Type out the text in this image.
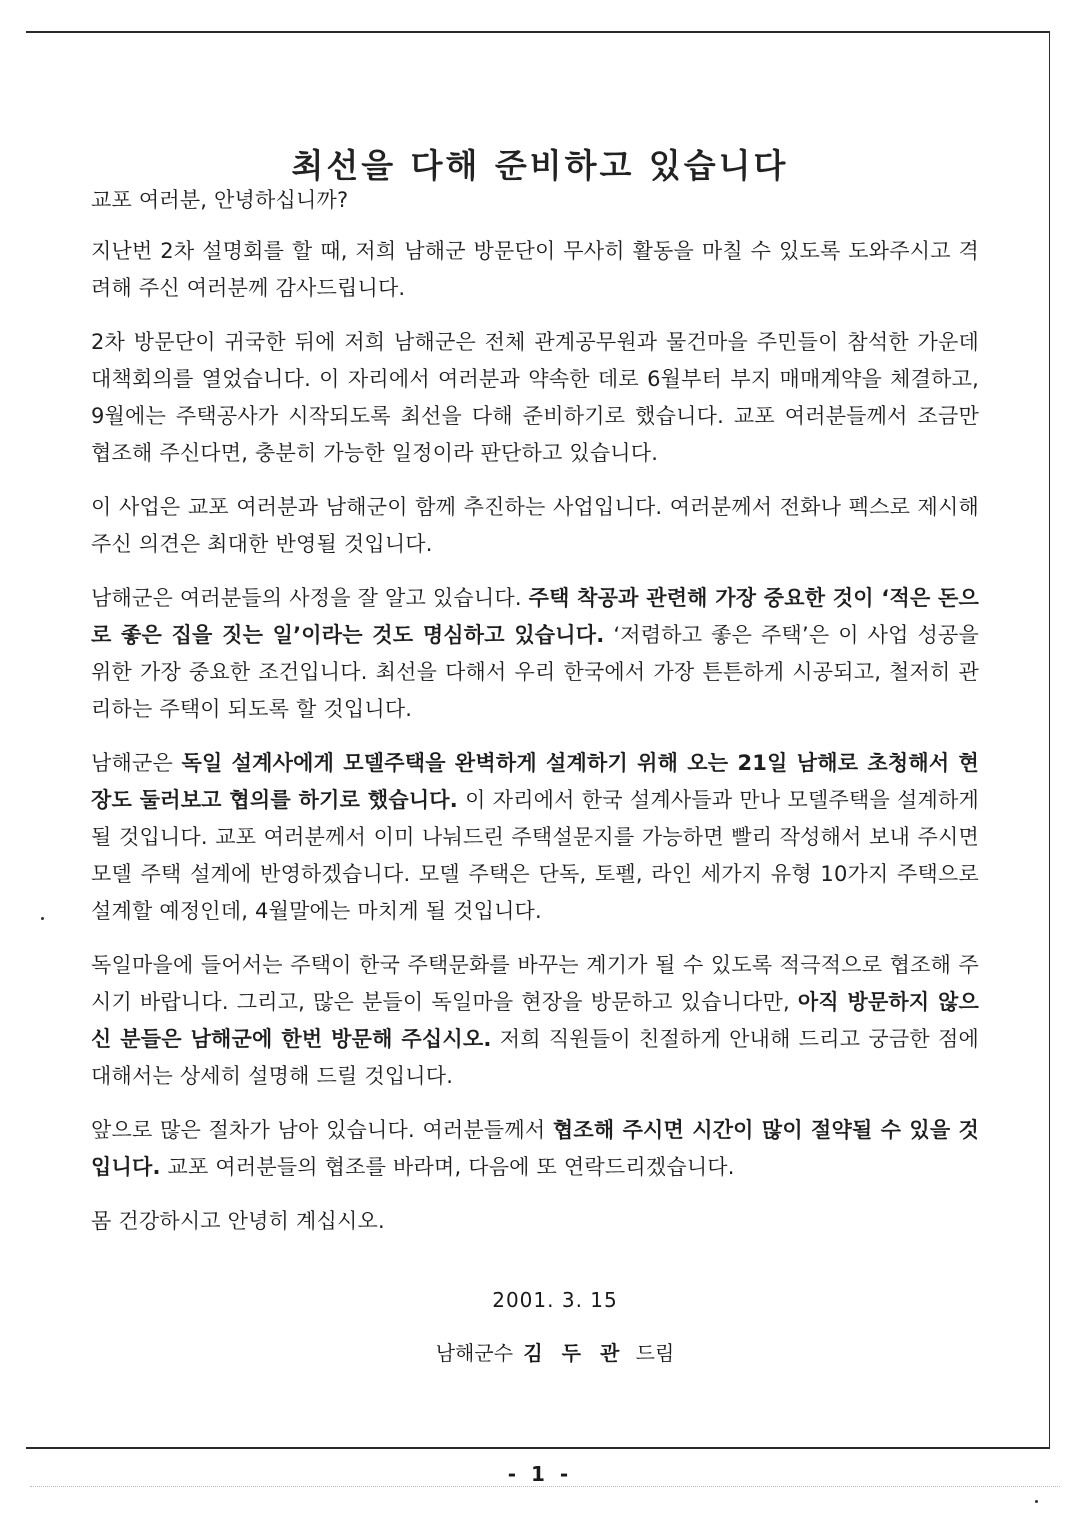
최선을 다해 준비하고 있습니다

교포 여러분, 안녕하십니까?

지난번 2차 설명회를 할 때, 저희 남해군 방문단이 무사히 활동을 마칠 수 있도록 도와주시고 격려해 주신 여러분께 감사드립니다.

2차 방문단이 귀국한 뒤에 저희 남해군은 전체 관계공무원과 물건마을 주민들이 참석한 가운데 대책회의를 열었습니다. 이 자리에서 여러분과 약속한 데로 6월부터 부지 매매계약을 체결하고, 9월에는 주택공사가 시작되도록 최선을 다해 준비하기로 했습니다. 교포 여러분들께서 조금만 협조해 주신다면, 충분히 가능한 일정이라 판단하고 있습니다.

이 사업은 교포 여러분과 남해군이 함께 추진하는 사업입니다. 여러분께서 전화나 펙스로 제시해 주신 의견은 최대한 반영될 것입니다.

남해군은 여러분들의 사정을 잘 알고 있습니다. 주택 착공과 관련해 가장 중요한 것이 ‘적은 돈으로 좋은 집을 짓는 일’이라는 것도 명심하고 있습니다. ‘저렴하고 좋은 주택’은 이 사업 성공을 위한 가장 중요한 조건입니다. 최선을 다해서 우리 한국에서 가장 튼튼하게 시공되고, 철저히 관리하는 주택이 되도록 할 것입니다.

남해군은 독일 설계사에게 모델주택을 완벽하게 설계하기 위해 오는 21일 남해로 초청해서 현장도 둘러보고 협의를 하기로 했습니다. 이 자리에서 한국 설계사들과 만나 모델주택을 설계하게 될 것입니다. 교포 여러분께서 이미 나눠드린 주택설문지를 가능하면 빨리 작성해서 보내 주시면 모델 주택 설계에 반영하겠습니다. 모델 주택은 단독, 토펠, 라인 세가지 유형 10가지 주택으로 설계할 예정인데, 4월말에는 마치게 될 것입니다.

독일마을에 들어서는 주택이 한국 주택문화를 바꾸는 계기가 될 수 있도록 적극적으로 협조해 주시기 바랍니다. 그리고, 많은 분들이 독일마을 현장을 방문하고 있습니다만, 아직 방문하지 않으신 분들은 남해군에 한번 방문해 주십시오. 저희 직원들이 친절하게 안내해 드리고 궁금한 점에 대해서는 상세히 설명해 드릴 것입니다.

앞으로 많은 절차가 남아 있습니다. 여러분들께서 협조해 주시면 시간이 많이 절약될 수 있을 것입니다. 교포 여러분들의 협조를 바라며, 다음에 또 연락드리겠습니다.

몸 건강하시고 안녕히 계십시오.

2001. 3. 15
남해군수 김 두 관 드림
- 1 -
